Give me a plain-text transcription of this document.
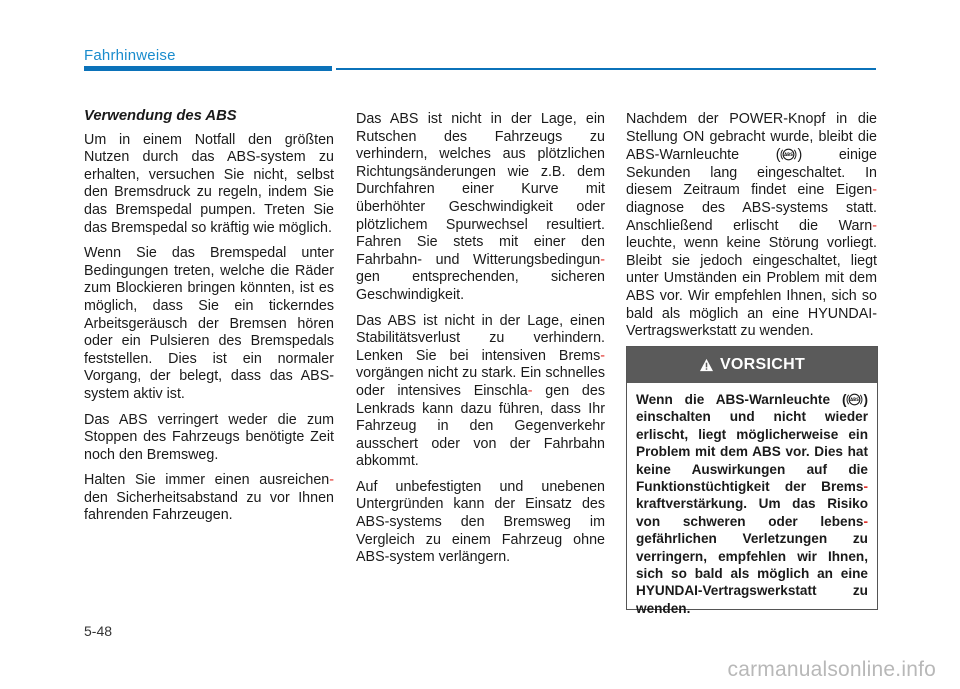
Fahrhinweise
Verwendung des ABS

Um in einem Notfall den größten Nutzen durch das ABS-system zu erhalten, versuchen Sie nicht, selbst den Bremsdruck zu regeln, indem Sie das Bremspedal pumpen. Treten Sie das Bremspedal so kräftig wie möglich.

Wenn Sie das Bremspedal unter Bedingungen treten, welche die Räder zum Blockieren bringen könnten, ist es möglich, dass Sie ein tickerndes Arbeitsgeräusch der Bremsen hören oder ein Pulsieren des Bremspedals feststellen. Dies ist ein normaler Vorgang, der belegt, dass das ABS-system aktiv ist.

Das ABS verringert weder die zum Stoppen des Fahrzeugs benötigte Zeit noch den Bremsweg.

Halten Sie immer einen ausreichen- den Sicherheitsabstand zu vor Ihnen fahrenden Fahrzeugen.

Das ABS ist nicht in der Lage, ein Rutschen des Fahrzeugs zu verhindern, welches aus plötzlichen Richtungsänderungen wie z.B. dem Durchfahren einer Kurve mit überhöhter Geschwindigkeit oder plötzlichem Spurwechsel resultiert. Fahren Sie stets mit einer den Fahrbahn- und Witterungsbedingun- gen entsprechenden, sicheren Geschwindigkeit.

Das ABS ist nicht in der Lage, einen Stabilitätsverlust zu verhindern. Lenken Sie bei intensiven Brems- vorgängen nicht zu stark. Ein schnelles oder intensives Einschla- gen des Lenkrads kann dazu führen, dass Ihr Fahrzeug in den Gegenverkehr ausschert oder von der Fahrbahn abkommt.

Auf unbefestigten und unebenen Untergründen kann der Einsatz des ABS-systems den Bremsweg im Vergleich zu einem Fahrzeug ohne ABS-system verlängern.

Nachdem der POWER-Knopf in die Stellung ON gebracht wurde, bleibt die ABS-Warnleuchte ( ABS ) einige Sekunden lang eingeschaltet. In diesem Zeitraum findet eine Eigen- diagnose des ABS-systems statt. Anschließend erlischt die Warn- leuchte, wenn keine Störung vorliegt. Bleibt sie jedoch eingeschaltet, liegt unter Umständen ein Problem mit dem ABS vor. Wir empfehlen Ihnen, sich so bald als möglich an eine HYUNDAI-Vertragswerkstatt zu wenden.

VORSICHT
Wenn die ABS-Warnleuchte ( ABS ) einschalten und nicht wieder erlischt, liegt möglicherweise ein Problem mit dem ABS vor. Dies hat keine Auswirkungen auf die Funktionstüchtigkeit der Brems- kraftverstärkung. Um das Risiko von schweren oder lebens- gefährlichen Verletzungen zu verringern, empfehlen wir Ihnen, sich so bald als möglich an eine HYUNDAI-Vertragswerkstatt zu wenden.
5-48
carmanualsonline.info
